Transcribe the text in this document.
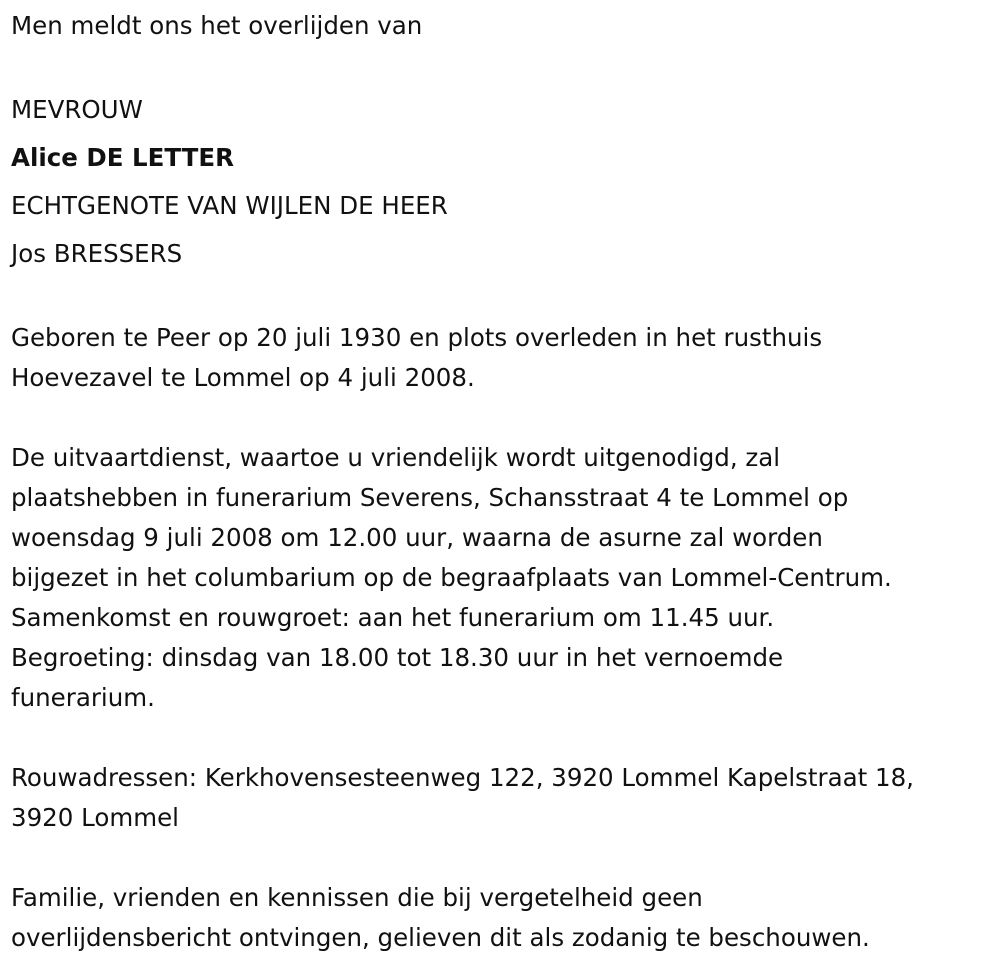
Men meldt ons het overlijden van
MEVROUW
Alice DE LETTER
ECHTGENOTE VAN WIJLEN DE HEER
Jos BRESSERS

Geboren te Peer op 20 juli 1930 en plots overleden in het rusthuis

Hoevezavel te Lommel op 4 juli 2008.

De uitvaartdienst, waartoe u vriendelijk wordt uitgenodigd, zal

plaatshebben in funerarium Severens, Schansstraat 4 te Lommel op

woensdag 9 juli 2008 om 12.00 uur, waarna de asurne zal worden

bijgezet in het columbarium op de begraafplaats van Lommel-Centrum.

Samenkomst en rouwgroet: aan het funerarium om 11.45 uur.

Begroeting: dinsdag van 18.00 tot 18.30 uur in het vernoemde

funerarium.

Rouwadressen: Kerkhovensesteenweg 122, 3920 Lommel Kapelstraat 18,

3920 Lommel

Familie, vrienden en kennissen die bij vergetelheid geen

overlijdensbericht ontvingen, gelieven dit als zodanig te beschouwen.
